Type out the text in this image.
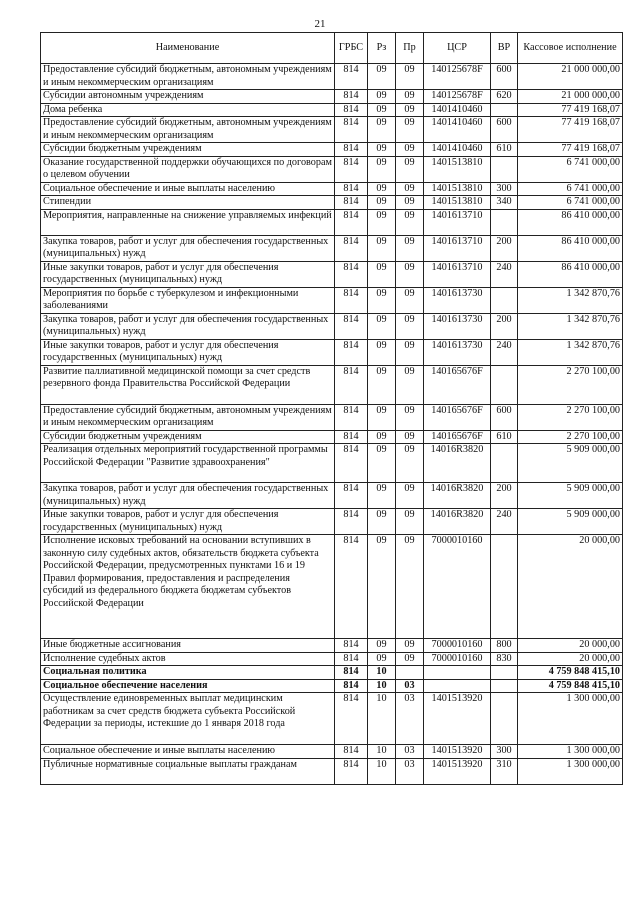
21
Наименование	ГРБС	Рз	Пр	ЦСР	ВР	Кассовое исполнение
Предоставление субсидий бюджетным, автономным учреждениям и иным некоммерческим организациям	814	09	09	140125678F	600	21 000 000,00
Субсидии автономным учреждениям	814	09	09	140125678F	620	21 000 000,00
Дома ребенка	814	09	09	1401410460		77 419 168,07
Предоставление субсидий бюджетным, автономным учреждениям и иным некоммерческим организациям	814	09	09	1401410460	600	77 419 168,07
Субсидии бюджетным учреждениям	814	09	09	1401410460	610	77 419 168,07
Оказание государственной поддержки обучающихся по договорам о целевом обучении	814	09	09	1401513810		6 741 000,00
Социальное обеспечение и иные выплаты населению	814	09	09	1401513810	300	6 741 000,00
Стипендии	814	09	09	1401513810	340	6 741 000,00
Мероприятия, направленные на снижение управляемых инфекций	814	09	09	1401613710		86 410 000,00
Закупка товаров, работ и услуг для обеспечения государственных (муниципальных) нужд	814	09	09	1401613710	200	86 410 000,00
Иные закупки товаров, работ и услуг для обеспечения государственных (муниципальных) нужд	814	09	09	1401613710	240	86 410 000,00
Мероприятия по борьбе с туберкулезом и инфекционными заболеваниями	814	09	09	1401613730		1 342 870,76
Закупка товаров, работ и услуг для обеспечения государственных (муниципальных) нужд	814	09	09	1401613730	200	1 342 870,76
Иные закупки товаров, работ и услуг для обеспечения государственных (муниципальных) нужд	814	09	09	1401613730	240	1 342 870,76
Развитие паллиативной медицинской помощи за счет средств резервного фонда Правительства Российской Федерации	814	09	09	140165676F		2 270 100,00
Предоставление субсидий бюджетным, автономным учреждениям и иным некоммерческим организациям	814	09	09	140165676F	600	2 270 100,00
Субсидии бюджетным учреждениям	814	09	09	140165676F	610	2 270 100,00
Реализация отдельных мероприятий государственной программы Российской Федерации "Развитие здравоохранения"	814	09	09	14016R3820		5 909 000,00
Закупка товаров, работ и услуг для обеспечения государственных (муниципальных) нужд	814	09	09	14016R3820	200	5 909 000,00
Иные закупки товаров, работ и услуг для обеспечения государственных (муниципальных) нужд	814	09	09	14016R3820	240	5 909 000,00
Исполнение исковых требований на основании вступивших в законную силу судебных актов, обязательств бюджета субъекта Российской Федерации, предусмотренных пунктами 16 и 19 Правил формирования, предоставления и распределения субсидий из федерального бюджета бюджетам субъектов Российской Федерации	814	09	09	7000010160		20 000,00
Иные бюджетные ассигнования	814	09	09	7000010160	800	20 000,00
Исполнение судебных актов	814	09	09	7000010160	830	20 000,00
Социальная политика	814	10				4 759 848 415,10
Социальное обеспечение населения	814	10	03			4 759 848 415,10
Осуществление единовременных выплат медицинским работникам за счет средств бюджета субъекта Российской Федерации за периоды, истекшие до 1 января 2018 года	814	10	03	1401513920		1 300 000,00
Социальное обеспечение и иные выплаты населению	814	10	03	1401513920	300	1 300 000,00
Публичные нормативные социальные выплаты гражданам	814	10	03	1401513920	310	1 300 000,00
